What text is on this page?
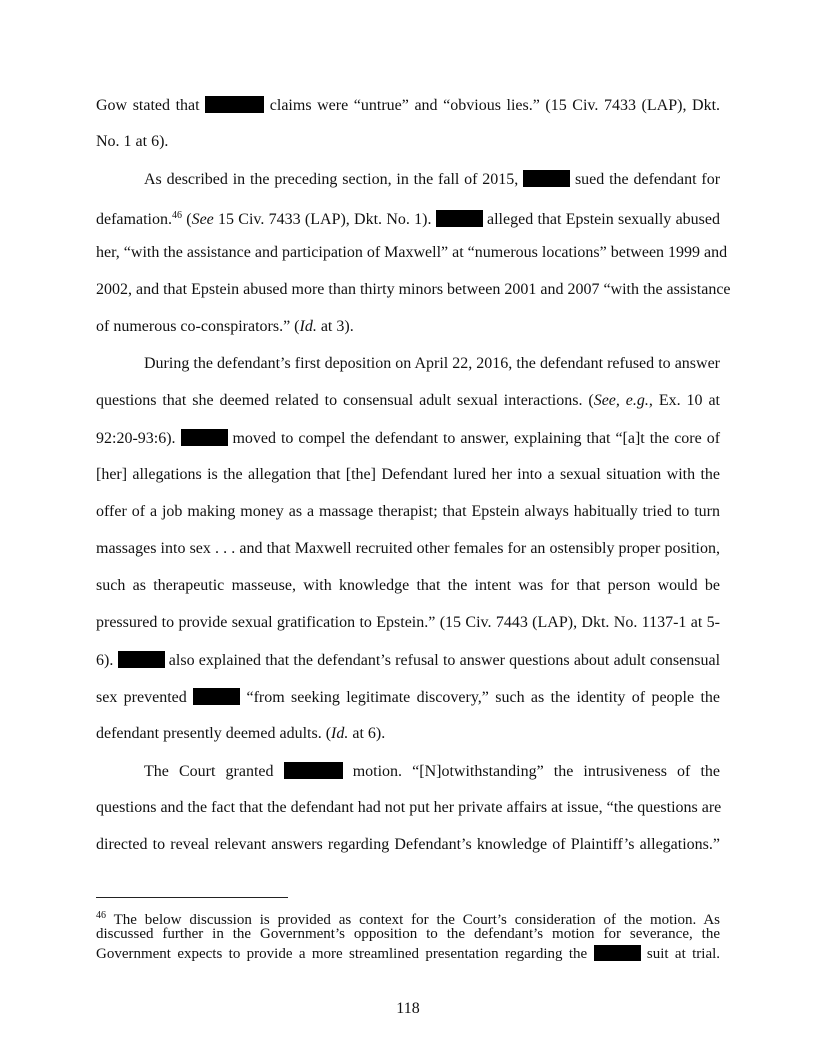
Gow stated that	claims were “untrue” and “obvious lies.” (15 Civ. 7433 (LAP), Dkt.
No. 1 at 6).
As described in the preceding section, in the fall of 2015,	sued the defendant for
defamation.$^{46}$ (See 15 Civ. 7433 (LAP), Dkt. No. 1).	alleged that Epstein sexually abused
her, “with the assistance and participation of Maxwell” at “numerous locations” between 1999 and
2002, and that Epstein abused more than thirty minors between 2001 and 2007 “with the assistance
of numerous co-conspirators.” (Id. at 3).
During the defendant’s first deposition on April 22, 2016, the defendant refused to answer
questions that she deemed related to consensual adult sexual interactions. (See, e.g., Ex. 10 at
92:20-93:6).	moved to compel the defendant to answer, explaining that “[a]t the core of
[her] allegations is the allegation that [the] Defendant lured her into a sexual situation with the
offer of a job making money as a massage therapist; that Epstein always habitually tried to turn
massages into sex . . . and that Maxwell recruited other females for an ostensibly proper position,
such as therapeutic masseuse, with knowledge that the intent was for that person would be
pressured to provide sexual gratification to Epstein.” (15 Civ. 7443 (LAP), Dkt. No. 1137-1 at 5-
6).	also explained that the defendant’s refusal to answer questions about adult consensual
sex prevented	“from seeking legitimate discovery,” such as the identity of people the
defendant presently deemed adults. (Id. at 6).
The Court granted	motion. “[N]otwithstanding” the intrusiveness of the
questions and the fact that the defendant had not put her private affairs at issue, “the questions are
directed to reveal relevant answers regarding Defendant’s knowledge of Plaintiff’s allegations.”
$^{46}$ The below discussion is provided as context for the Court’s consideration of the motion. As
discussed further in the Government’s opposition to the defendant’s motion for severance, the
Government expects to provide a more streamlined presentation regarding the	suit at trial.
118
